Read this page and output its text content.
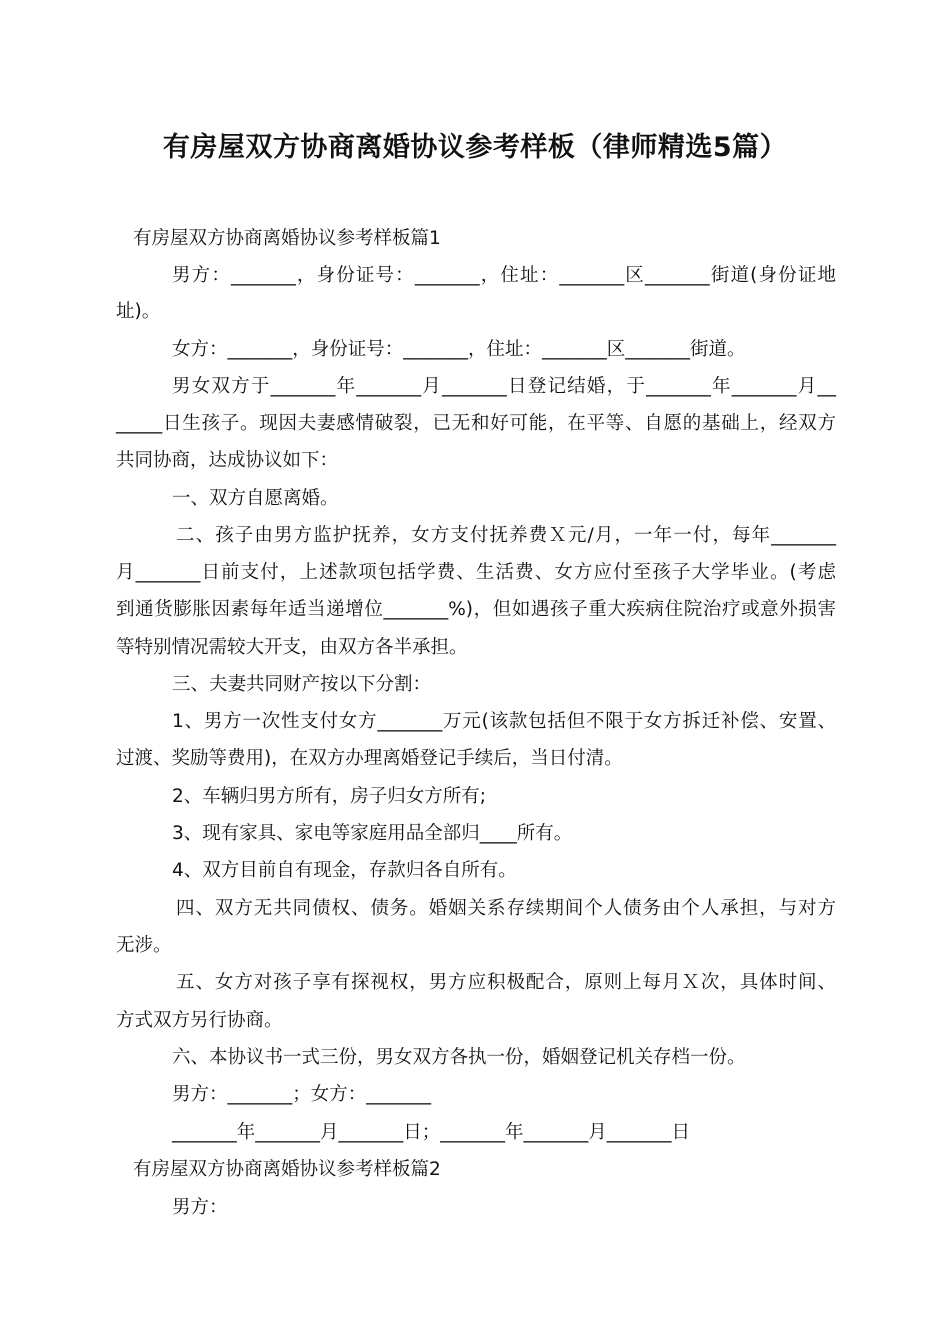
有房屋双方协商离婚协议参考样板（律师精选5篇）
有房屋双方协商离婚协议参考样板篇1
男方：_______，身份证号：_______，住址：_______区_______街道(身份证地
址)。
女方：_______，身份证号：_______，住址：_______区_______街道。
男女双方于_______年_______月_______日登记结婚，于_______年_______月__
_____日生孩子。现因夫妻感情破裂，已无和好可能，在平等、自愿的基础上，经双方
共同协商，达成协议如下：
一、双方自愿离婚。
二、孩子由男方监护抚养，女方支付抚养费Ｘ元/月，一年一付，每年_______
月_______日前支付，上述款项包括学费、生活费、女方应付至孩子大学毕业。(考虑
到通货膨胀因素每年适当递增位_______%)，但如遇孩子重大疾病住院治疗或意外损害
等特别情况需较大开支，由双方各半承担。
三、夫妻共同财产按以下分割：
1、男方一次性支付女方_______万元(该款包括但不限于女方拆迁补偿、安置、
过渡、奖励等费用)，在双方办理离婚登记手续后，当日付清。
2、车辆归男方所有，房子归女方所有;
3、现有家具、家电等家庭用品全部归____所有。
4、双方目前自有现金，存款归各自所有。
四、双方无共同债权、债务。婚姻关系存续期间个人债务由个人承担，与对方
无涉。
五、女方对孩子享有探视权，男方应积极配合，原则上每月Ｘ次，具体时间、
方式双方另行协商。
六、本协议书一式三份，男女双方各执一份，婚姻登记机关存档一份。
男方：_______；女方：_______
_______年_______月_______日；_______年_______月_______日
有房屋双方协商离婚协议参考样板篇2
男方：
